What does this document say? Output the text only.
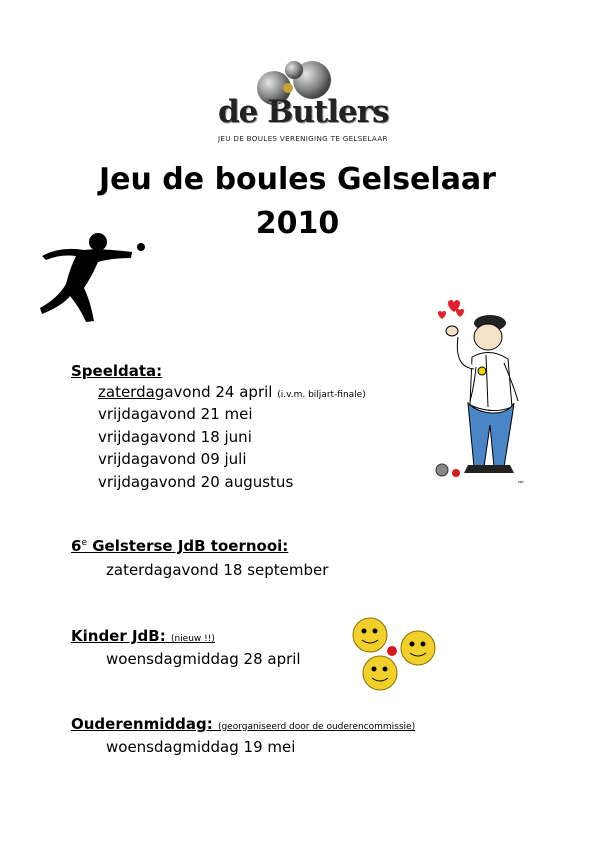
de Butlers
JEU DE BOULES VERENIGING TE GELSELAAR
Jeu de boules Gelselaar
2010
rsb
Speeldata:
zaterdagavond 24 april (i.v.m. biljart-finale)
vrijdagavond 21 mei
vrijdagavond 18 juni
vrijdagavond 09 juli
vrijdagavond 20 augustus
6e Gelsterse JdB toernooi:
zaterdagavond 18 september
Kinder JdB: (nieuw !!)
woensdagmiddag 28 april
Ouderenmiddag: (georganiseerd door de ouderencommissie)
woensdagmiddag 19 mei
